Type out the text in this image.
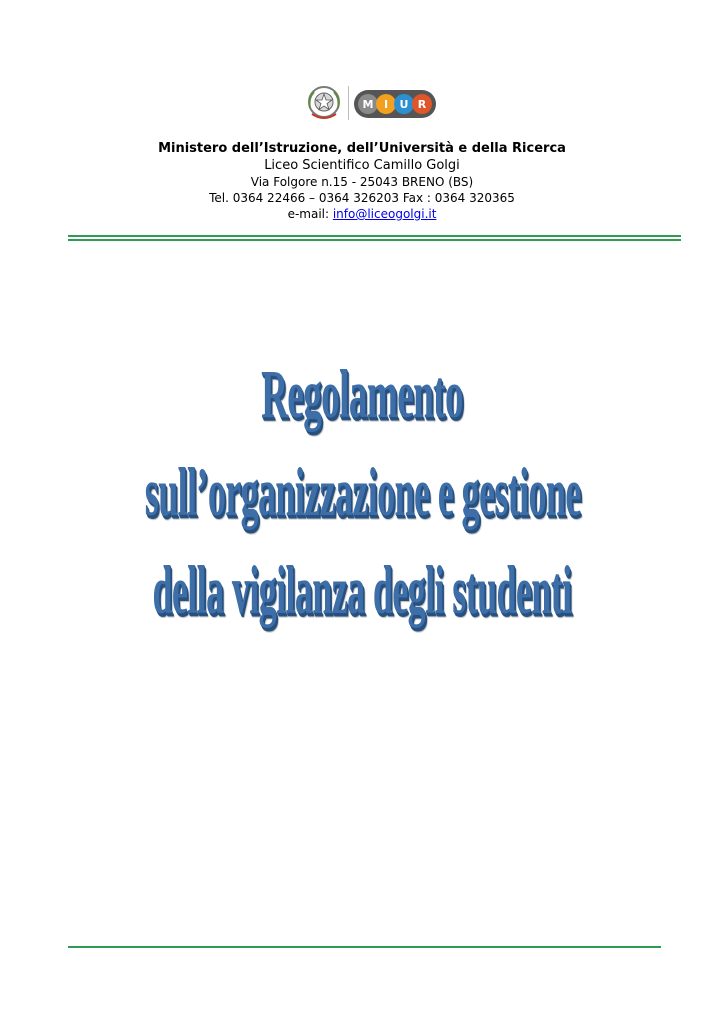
M I U R
Ministero dell’Istruzione, dell’Università e della Ricerca
Liceo Scientifico Camillo Golgi
Via Folgore n.15 - 25043 BRENO (BS)
Tel. 0364 22466 – 0364 326203 Fax : 0364 320365
e-mail: info@liceogolgi.it
Regolamento
sull’organizzazione e gestione
della vigilanza degli studenti
